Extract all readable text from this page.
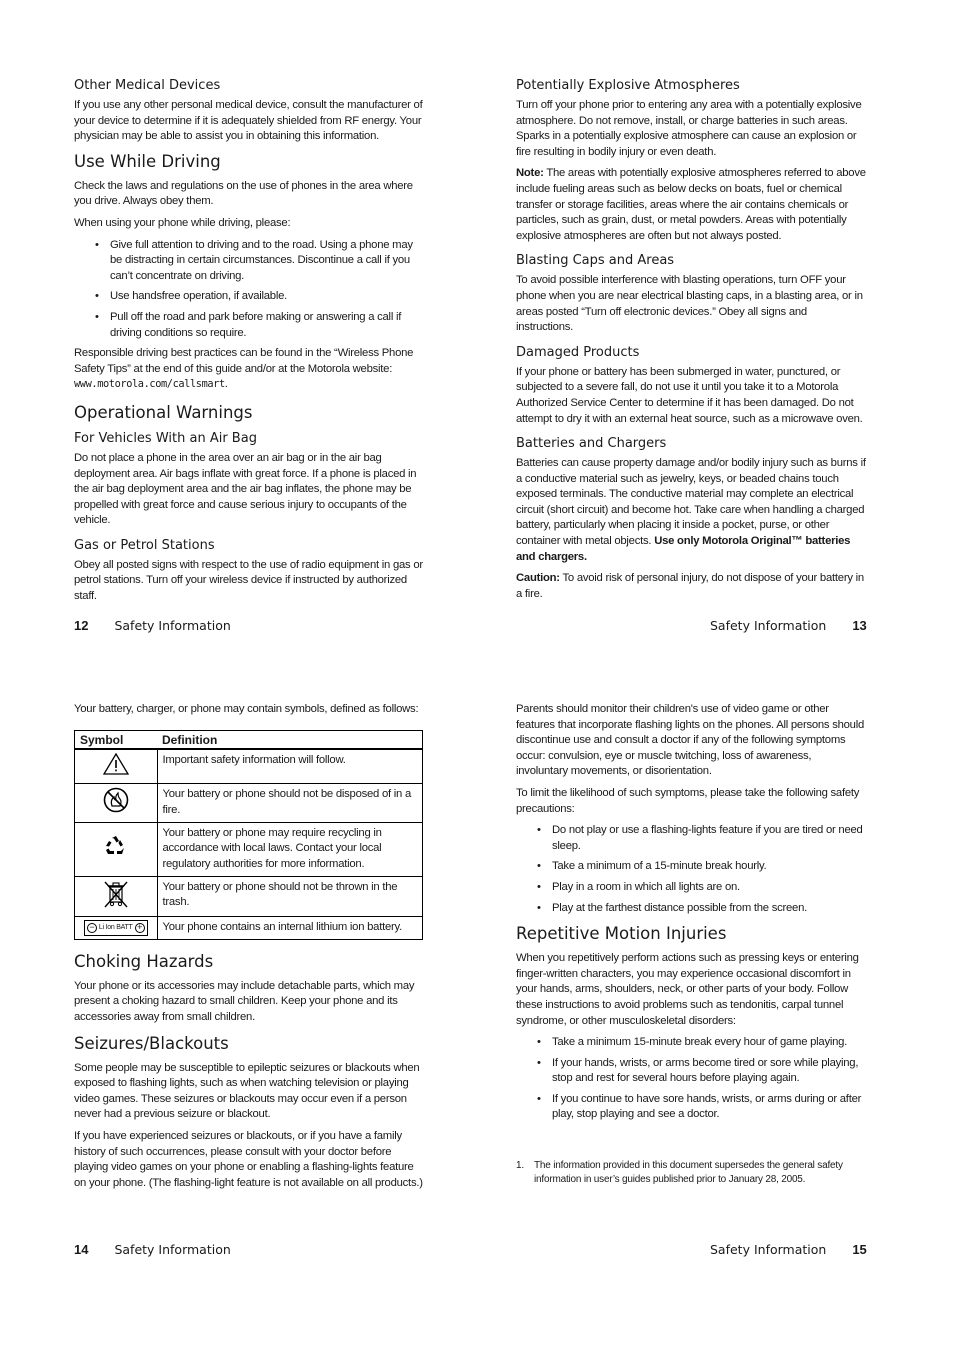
Other Medical Devices

If you use any other personal medical device, consult the manufacturer of your device to determine if it is adequately shielded from RF energy. Your physician may be able to assist you in obtaining this information.

Use While Driving

Check the laws and regulations on the use of phones in the area where you drive. Always obey them.

When using your phone while driving, please:

• Give full attention to driving and to the road. Using a phone may be distracting in certain circumstances. Discontinue a call if you can’t concentrate on driving.
• Use handsfree operation, if available.
• Pull off the road and park before making or answering a call if driving conditions so require.

Responsible driving best practices can be found in the “Wireless Phone Safety Tips” at the end of this guide and/or at the Motorola website: www.motorola.com/callsmart.

Operational Warnings
For Vehicles With an Air Bag

Do not place a phone in the area over an air bag or in the air bag deployment area. Air bags inflate with great force. If a phone is placed in the air bag deployment area and the air bag inflates, the phone may be propelled with great force and cause serious injury to occupants of the vehicle.

Gas or Petrol Stations

Obey all posted signs with respect to the use of radio equipment in gas or petrol stations. Turn off your wireless device if instructed by authorized staff.

12 Safety Information
Potentially Explosive Atmospheres

Turn off your phone prior to entering any area with a potentially explosive atmosphere. Do not remove, install, or charge batteries in such areas. Sparks in a potentially explosive atmosphere can cause an explosion or fire resulting in bodily injury or even death.

Note: The areas with potentially explosive atmospheres referred to above include fueling areas such as below decks on boats, fuel or chemical transfer or storage facilities, areas where the air contains chemicals or particles, such as grain, dust, or metal powders. Areas with potentially explosive atmospheres are often but not always posted.

Blasting Caps and Areas

To avoid possible interference with blasting operations, turn OFF your phone when you are near electrical blasting caps, in a blasting area, or in areas posted “Turn off electronic devices.” Obey all signs and instructions.

Damaged Products

If your phone or battery has been submerged in water, punctured, or subjected to a severe fall, do not use it until you take it to a Motorola Authorized Service Center to determine if it has been damaged. Do not attempt to dry it with an external heat source, such as a microwave oven.

Batteries and Chargers

Batteries can cause property damage and/or bodily injury such as burns if a conductive material such as jewelry, keys, or beaded chains touch exposed terminals. The conductive material may complete an electrical circuit (short circuit) and become hot. Take care when handling a charged battery, particularly when placing it inside a pocket, purse, or other container with metal objects. Use only Motorola Original™ batteries and chargers.

Caution: To avoid risk of personal injury, do not dispose of your battery in a fire.

Safety Information 13

Your battery, charger, or phone may contain symbols, defined as follows:

Symbol	Definition
	Important safety information will follow.
	Your battery or phone should not be disposed of in a fire.
	Your battery or phone may require recycling in accordance with local laws. Contact your local regulatory authorities for more information.
	Your battery or phone should not be thrown in the trash.

− Li Ion BATT +	Your phone contains an internal lithium ion battery.
Choking Hazards

Your phone or its accessories may include detachable parts, which may present a choking hazard to small children. Keep your phone and its accessories away from small children.

Seizures/Blackouts

Some people may be susceptible to epileptic seizures or blackouts when exposed to flashing lights, such as when watching television or playing video games. These seizures or blackouts may occur even if a person never had a previous seizure or blackout.

If you have experienced seizures or blackouts, or if you have a family history of such occurrences, please consult with your doctor before playing video games on your phone or enabling a flashing-lights feature on your phone. (The flashing-light feature is not available on all products.)

14 Safety Information

Parents should monitor their children's use of video game or other features that incorporate flashing lights on the phones. All persons should discontinue use and consult a doctor if any of the following symptoms occur: convulsion, eye or muscle twitching, loss of awareness, involuntary movements, or disorientation.

To limit the likelihood of such symptoms, please take the following safety precautions:

• Do not play or use a flashing-lights feature if you are tired or need sleep.
• Take a minimum of a 15-minute break hourly.
• Play in a room in which all lights are on.
• Play at the farthest distance possible from the screen.
Repetitive Motion Injuries

When you repetitively perform actions such as pressing keys or entering finger-written characters, you may experience occasional discomfort in your hands, arms, shoulders, neck, or other parts of your body. Follow these instructions to avoid problems such as tendonitis, carpal tunnel syndrome, or other musculoskeletal disorders:

• Take a minimum 15-minute break every hour of game playing.
• If your hands, wrists, or arms become tired or sore while playing, stop and rest for several hours before playing again.
• If you continue to have sore hands, wrists, or arms during or after play, stop playing and see a doctor.
1.	The information provided in this document supersedes the general safety information in user’s guides published prior to January 28, 2005.
Safety Information 15
